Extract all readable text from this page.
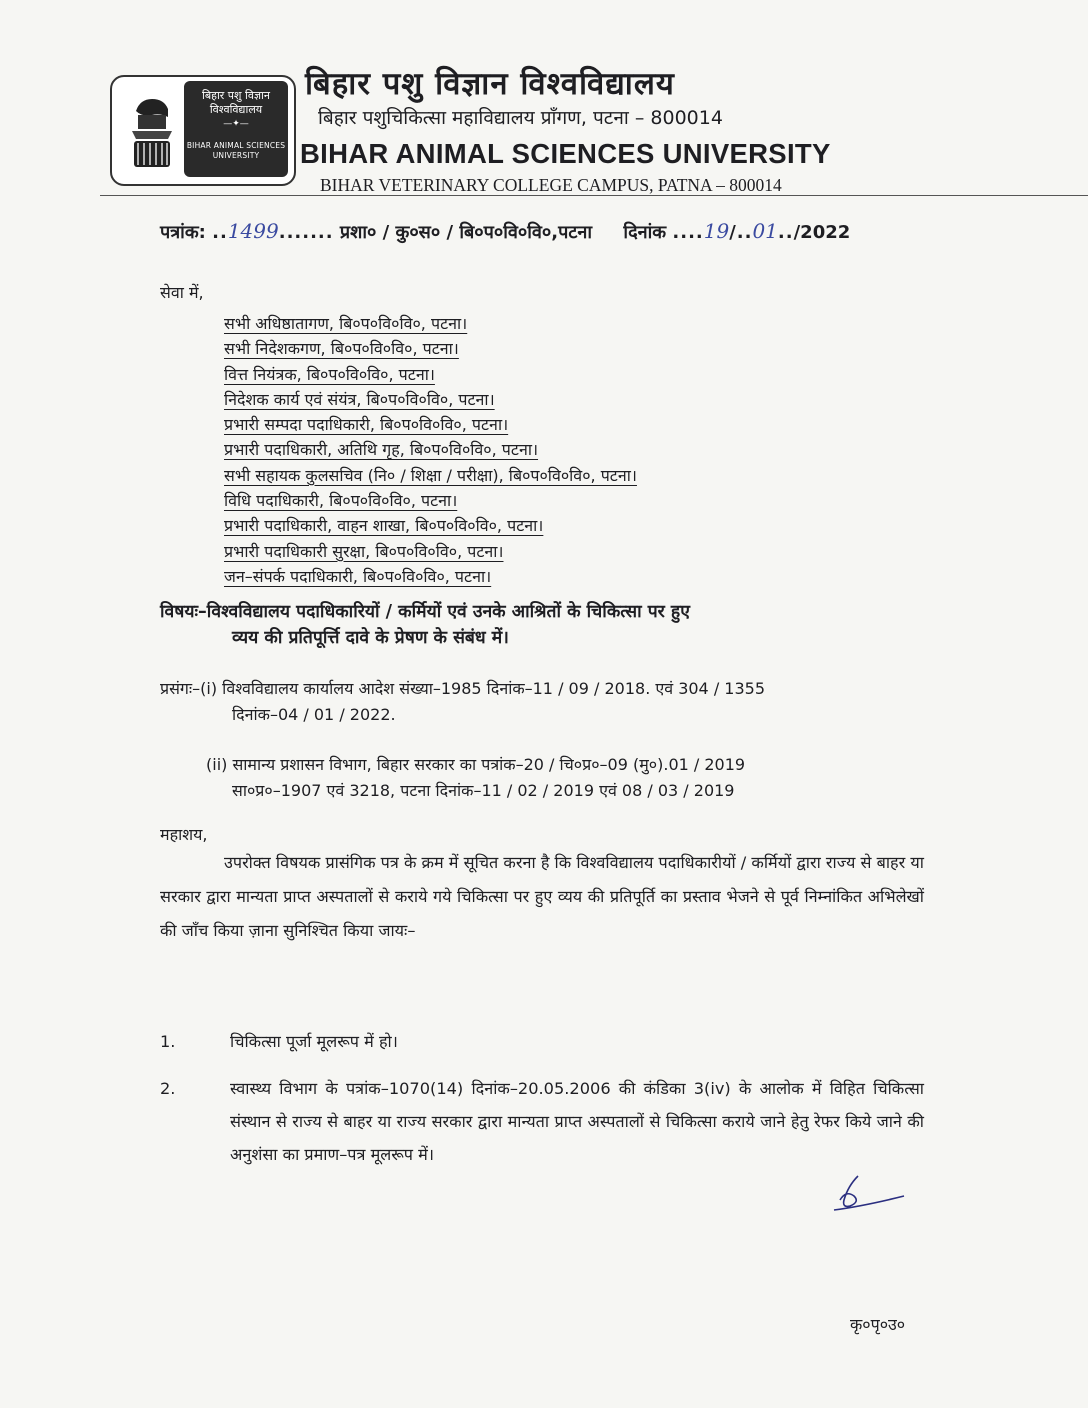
बिहार पशु विज्ञान विश्वविद्यालय
—✦—
BIHAR ANIMAL SCIENCES UNIVERSITY
बिहार पशु विज्ञान विश्वविद्यालय
बिहार पशुचिकित्सा महाविद्यालय प्राँगण, पटना – 800014
BIHAR ANIMAL SCIENCES UNIVERSITY
BIHAR VETERINARY COLLEGE CAMPUS, PATNA – 800014
पत्रांक: ..1499....... प्रशा० / कु०स० / बि०प०वि०वि०,पटना दिनांक ....19/..01../2022
सेवा में,
सभी अधिष्ठातागण, बि०प०वि०वि०, पटना।
सभी निदेशकगण, बि०प०वि०वि०, पटना।
वित्त नियंत्रक, बि०प०वि०वि०, पटना।
निदेशक कार्य एवं संयंत्र, बि०प०वि०वि०, पटना।
प्रभारी सम्पदा पदाधिकारी, बि०प०वि०वि०, पटना।
प्रभारी पदाधिकारी, अतिथि गृह, बि०प०वि०वि०, पटना।
सभी सहायक कुलसचिव (नि० / शिक्षा / परीक्षा), बि०प०वि०वि०, पटना।
विधि पदाधिकारी, बि०प०वि०वि०, पटना।
प्रभारी पदाधिकारी, वाहन शाखा, बि०प०वि०वि०, पटना।
प्रभारी पदाधिकारी सुरक्षा, बि०प०वि०वि०, पटना।
जन–संपर्क पदाधिकारी, बि०प०वि०वि०, पटना।
विषयः–विश्वविद्यालय पदाधिकारियों / कर्मियों एवं उनके आश्रितों के चिकित्सा पर हुए
व्यय की प्रतिपूर्त्ति दावे के प्रेषण के संबंध में।
प्रसंगः–(i) विश्वविद्यालय कार्यालय आदेश संख्या–1985 दिनांक–11 / 09 / 2018. एवं 304 / 1355
दिनांक–04 / 01 / 2022.
(ii) सामान्य प्रशासन विभाग, बिहार सरकार का पत्रांक–20 / चि०प्र०–09 (मु०).01 / 2019
सा०प्र०–1907 एवं 3218, पटना दिनांक–11 / 02 / 2019 एवं 08 / 03 / 2019
महाशय,
उपरोक्त विषयक प्रासंगिक पत्र के क्रम में सूचित करना है कि विश्वविद्यालय पदाधिकारीयों / कर्मियों द्वारा राज्य से बाहर या सरकार द्वारा मान्यता प्राप्त अस्पतालों से कराये गये चिकित्सा पर हुए व्यय की प्रतिपूर्ति का प्रस्ताव भेजने से पूर्व निम्नांकित अभिलेखों की जाँच किया ज़ाना सुनिश्चित किया जायः–
1.	चिकित्सा पूर्जा मूलरूप में हो।
2.	स्वास्थ्य विभाग के पत्रांक–1070(14) दिनांक–20.05.2006 की कंडिका 3(iv) के आलोक में विहित चिकित्सा संस्थान से राज्य से बाहर या राज्य सरकार द्वारा मान्यता प्राप्त अस्पतालों से चिकित्सा कराये जाने हेतु रेफर किये जाने की अनुशंसा का प्रमाण–पत्र मूलरूप में।
कृ०पृ०उ०
